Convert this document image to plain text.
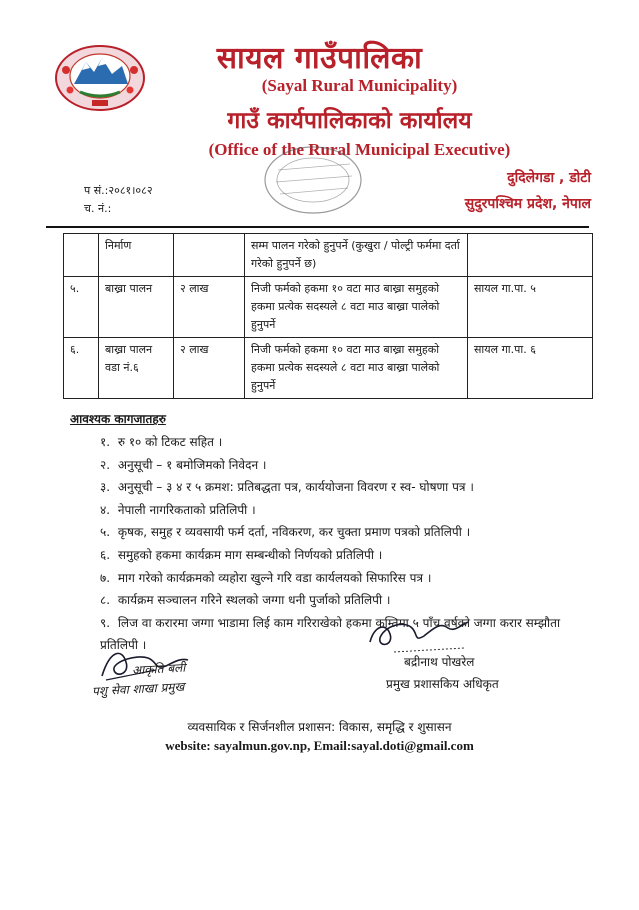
सायल गाउँपालिका
(Sayal Rural Municipality)
गाउँ कार्यपालिकाको कार्यालय
(Office of the Rural Municipal Executive)
प सं.:२०८१।०८२
च. नं.:
दुदिलेगडा , डोटी
सुदुरपश्चिम प्रदेश, नेपाल
	निर्माण		सम्म पालन गरेको हुनुपर्ने (कुखुरा / पोल्ट्री फर्ममा दर्ता गरेको हुनुपर्ने छ)	
५.	बाख्रा पालन	२ लाख	निजी फर्मको हकमा १० वटा माउ बाख्रा समुहको हकमा प्रत्येक सदस्यले ८ वटा माउ बाख्रा पालेको हुनुपर्ने	सायल गा.पा. ५
६.	बाख्रा पालन वडा नं.६	२ लाख	निजी फर्मको हकमा १० वटा माउ बाख्रा समुहको हकमा प्रत्येक सदस्यले ८ वटा माउ बाख्रा पालेको हुनुपर्ने	सायल गा.पा. ६
आवश्यक कागजातहरु
१. रु १० को टिकट सहित ।
२. अनुसूची – १ बमोजिमको निवेदन ।
३. अनुसूची – ३ ४ र ५ क्रमश: प्रतिबद्धता पत्र, कार्ययोजना विवरण र स्व- घोषणा पत्र ।
४. नेपाली नागरिकताको प्रतिलिपी ।
५. कृषक, समुह र व्यवसायी फर्म दर्ता, नविकरण, कर चुक्ता प्रमाण पत्रको प्रतिलिपी ।
६. समुहको हकमा कार्यक्रम माग सम्बन्धीको निर्णयको प्रतिलिपी ।
७. माग गरेको कार्यक्रमको व्यहोरा खुल्ने गरि वडा कार्यलयको सिफारिस पत्र ।
८. कार्यक्रम सञ्चालन गरिने स्थलको जग्गा धनी पुर्जाको प्रतिलिपी ।
९. लिज वा करारमा जग्गा भाडामा लिई काम गरिराखेको हकमा कम्तिमा ५ पाँच वर्षको जग्गा करार सम्झौता प्रतिलिपी ।
आकृति बली
पशु सेवा शाखा प्रमुख
बद्रीनाथ पोखरेल
प्रमुख प्रशासकिय अधिकृत
व्यवसायिक र सिर्जनशील प्रशासन: विकास, समृद्धि र शुसासन
website: sayalmun.gov.np, Email:sayal.doti@gmail.com
